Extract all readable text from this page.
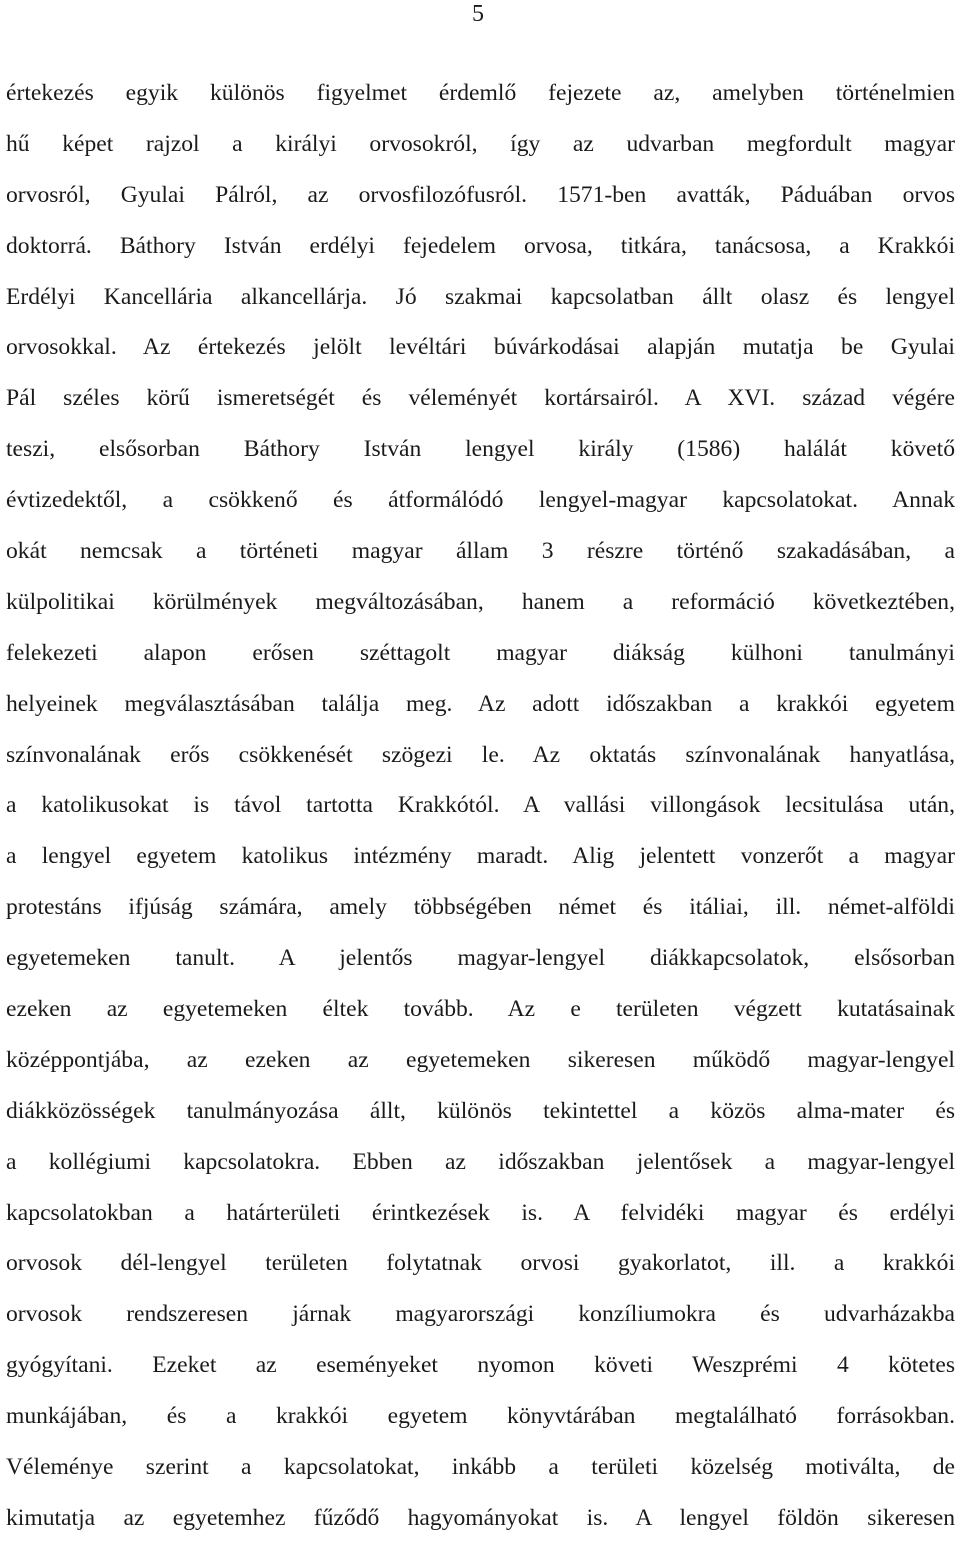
5
értekezés egyik különös figyelmet érdemlő fejezete az, amelyben történelmien
hű képet rajzol a királyi orvosokról, így az udvarban megfordult magyar
orvosról, Gyulai Pálról, az orvosfilozófusról. 1571-ben avatták, Páduában orvos
doktorrá. Báthory István erdélyi fejedelem orvosa, titkára, tanácsosa, a Krakkói
Erdélyi Kancellária alkancellárja. Jó szakmai kapcsolatban állt olasz és lengyel
orvosokkal. Az értekezés jelölt levéltári búvárkodásai alapján mutatja be Gyulai
Pál széles körű ismeretségét és véleményét kortársairól. A XVI. század végére
teszi, elsősorban Báthory István lengyel király (1586) halálát követő
évtizedektől, a csökkenő és átformálódó lengyel-magyar kapcsolatokat. Annak
okát nemcsak a történeti magyar állam 3 részre történő szakadásában, a
külpolitikai körülmények megváltozásában, hanem a reformáció következtében,
felekezeti alapon erősen széttagolt magyar diákság külhoni tanulmányi
helyeinek megválasztásában találja meg. Az adott időszakban a krakkói egyetem
színvonalának erős csökkenését szögezi le. Az oktatás színvonalának hanyatlása,
a katolikusokat is távol tartotta Krakkótól. A vallási villongások lecsitulása után,
a lengyel egyetem katolikus intézmény maradt. Alig jelentett vonzerőt a magyar
protestáns ifjúság számára, amely többségében német és itáliai, ill. német-alföldi
egyetemeken tanult. A jelentős magyar-lengyel diákkapcsolatok, elsősorban
ezeken az egyetemeken éltek tovább. Az e területen végzett kutatásainak
középpontjába, az ezeken az egyetemeken sikeresen működő magyar-lengyel
diákközösségek tanulmányozása állt, különös tekintettel a közös alma-mater és
a kollégiumi kapcsolatokra. Ebben az időszakban jelentősek a magyar-lengyel
kapcsolatokban a határterületi érintkezések is. A felvidéki magyar és erdélyi
orvosok dél-lengyel területen folytatnak orvosi gyakorlatot, ill. a krakkói
orvosok rendszeresen járnak magyarországi konzíliumokra és udvarházakba
gyógyítani. Ezeket az eseményeket nyomon követi Weszprémi 4 kötetes
munkájában, és a krakkói egyetem könyvtárában megtalálható forrásokban.
Véleménye szerint a kapcsolatokat, inkább a területi közelség motiválta, de
kimutatja az egyetemhez fűződő hagyományokat is. A lengyel földön sikeresen
